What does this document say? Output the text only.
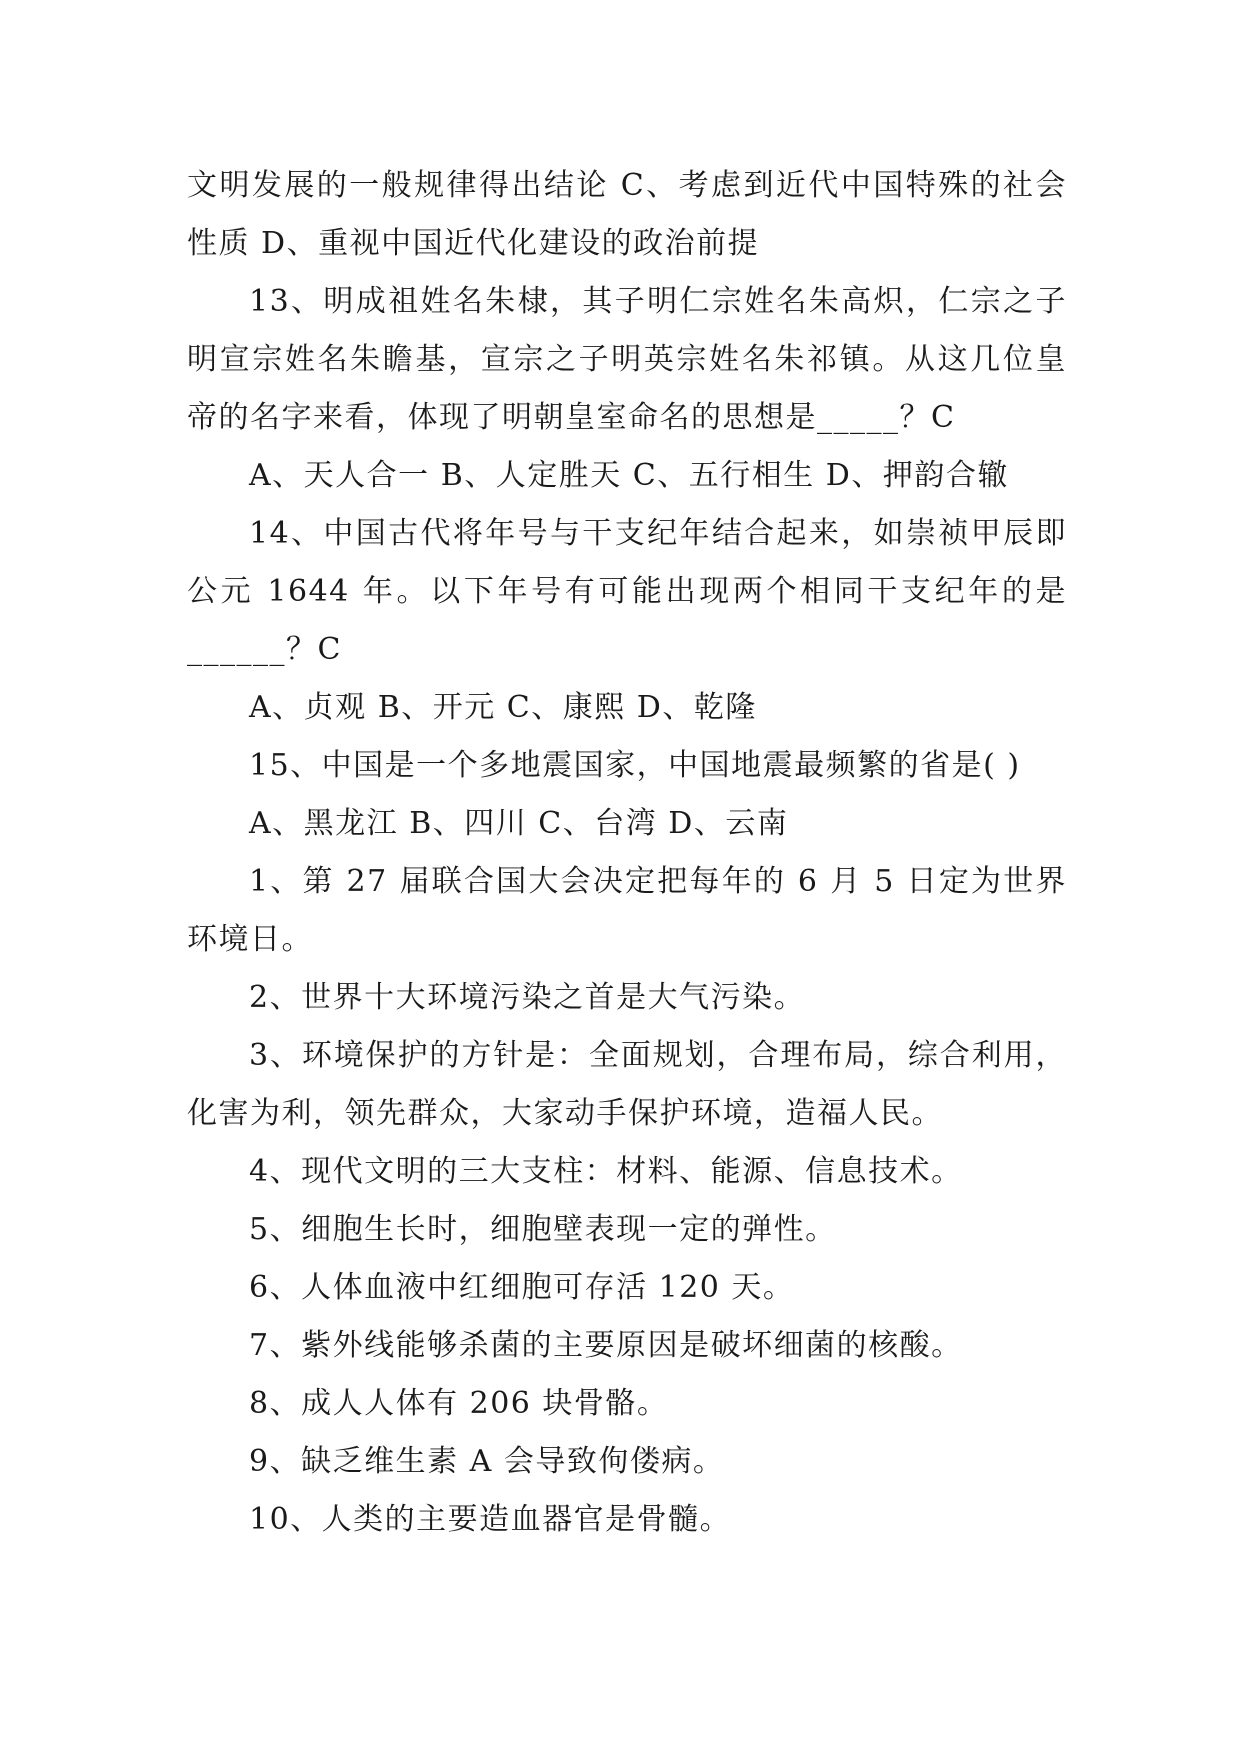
文明发展的一般规律得出结论 C、考虑到近代中国特殊的社会性质 D、重视中国近代化建设的政治前提

13、明成祖姓名朱棣，其子明仁宗姓名朱高炽，仁宗之子明宣宗姓名朱瞻基，宣宗之子明英宗姓名朱祁镇。从这几位皇帝的名字来看，体现了明朝皇室命名的思想是_____？C

A、天人合一 B、人定胜天 C、五行相生 D、押韵合辙

14、中国古代将年号与干支纪年结合起来，如崇祯甲辰即公元 1644 年。以下年号有可能出现两个相同干支纪年的是______？C

A、贞观 B、开元 C、康熙 D、乾隆

15、中国是一个多地震国家，中国地震最频繁的省是( )

A、黑龙江 B、四川 C、台湾 D、云南

1、第 27 届联合国大会决定把每年的 6 月 5 日定为世界环境日。

2、世界十大环境污染之首是大气污染。

3、环境保护的方针是：全面规划，合理布局，综合利用，化害为利，领先群众，大家动手保护环境，造福人民。

4、现代文明的三大支柱：材料、能源、信息技术。

5、细胞生长时，细胞壁表现一定的弹性。

6、人体血液中红细胞可存活 120 天。

7、紫外线能够杀菌的主要原因是破坏细菌的核酸。

8、成人人体有 206 块骨骼。

9、缺乏维生素 A 会导致佝偻病。

10、人类的主要造血器官是骨髓。
